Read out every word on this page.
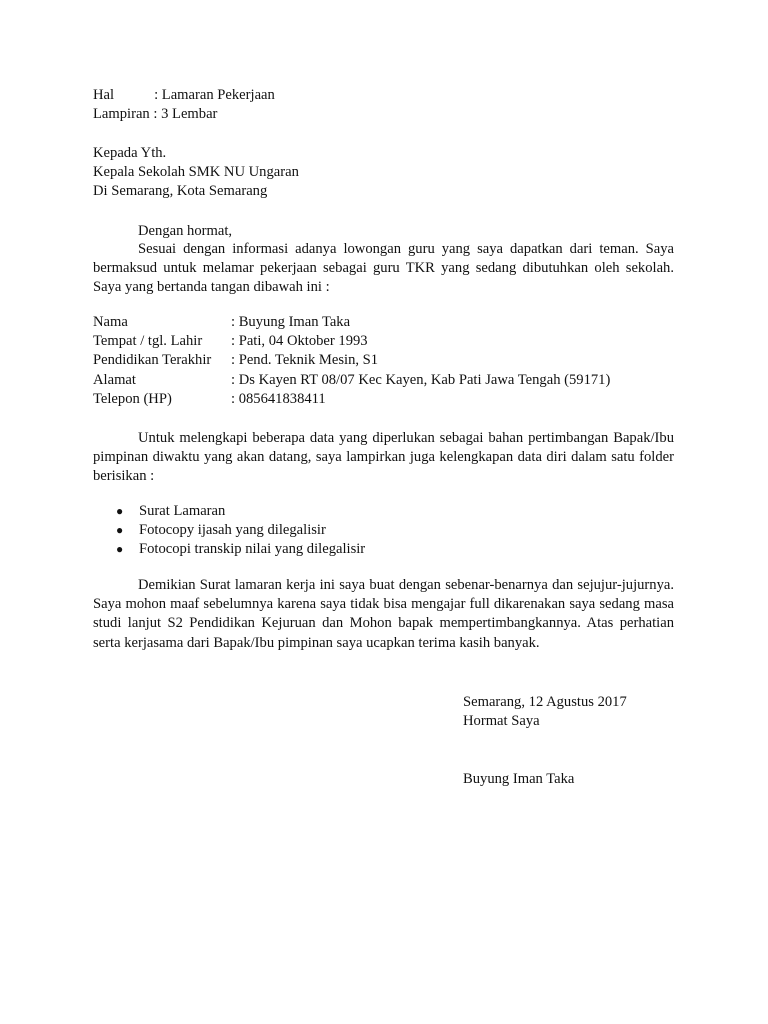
Hal	: Lamaran Pekerjaan
Lampiran : 3 Lembar
Kepada Yth.
Kepala Sekolah SMK NU Ungaran
Di Semarang, Kota Semarang
Dengan hormat,
Sesuai dengan informasi adanya lowongan guru yang saya dapatkan dari teman. Saya bermaksud untuk melamar pekerjaan sebagai guru TKR yang sedang dibutuhkan oleh sekolah. Saya yang bertanda tangan dibawah ini :
Nama	: Buyung Iman Taka
Tempat / tgl. Lahir : Pati, 04 Oktober 1993
Pendidikan Terakhir : Pend. Teknik Mesin, S1
Alamat	: Ds Kayen RT 08/07 Kec Kayen, Kab Pati Jawa Tengah (59171)
Telepon (HP)	: 085641838411
Untuk melengkapi beberapa data yang diperlukan sebagai bahan pertimbangan Bapak/Ibu pimpinan diwaktu yang akan datang, saya lampirkan juga kelengkapan data diri dalam satu folder berisikan :
● Surat Lamaran
● Fotocopy ijasah yang dilegalisir
● Fotocopi transkip nilai yang dilegalisir
Demikian Surat lamaran kerja ini saya buat dengan sebenar-benarnya dan sejujur-jujurnya. Saya mohon maaf sebelumnya karena saya tidak bisa mengajar full dikarenakan saya sedang masa studi lanjut S2 Pendidikan Kejuruan dan Mohon bapak mempertimbangkannya. Atas perhatian serta kerjasama dari Bapak/Ibu pimpinan saya ucapkan terima kasih banyak.
Semarang, 12 Agustus 2017
Hormat Saya
Buyung Iman Taka
